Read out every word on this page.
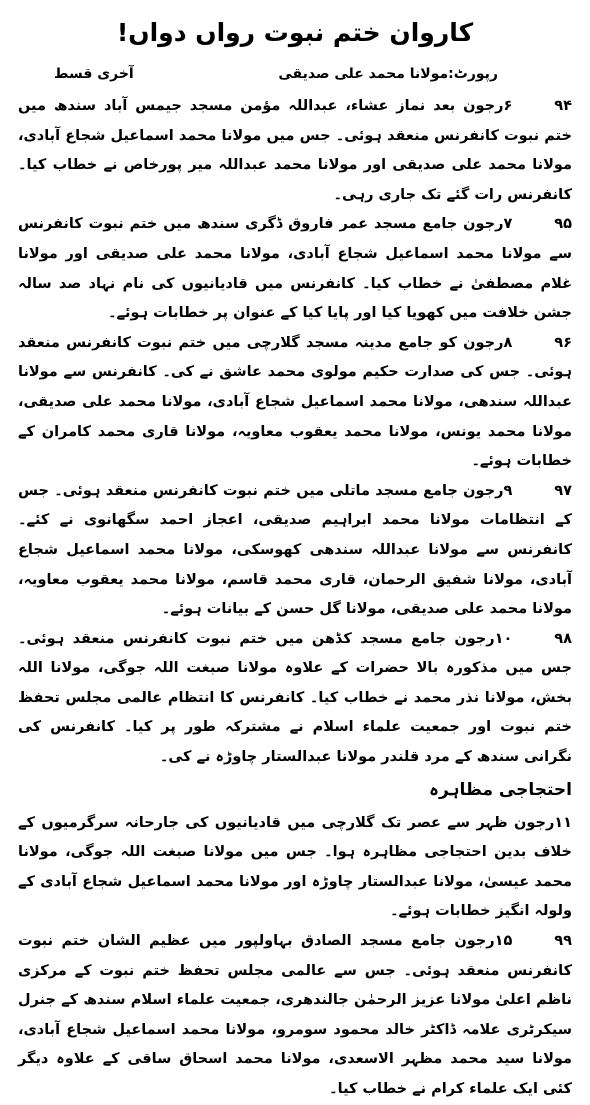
کاروان ختم نبوت رواں دواں!
رپورٹ:مولانا محمد علی صدیقی
آخری قسط

۹۴۶رجون بعد نماز عشاء، عبداللہ مؤمن مسجد جیمس آباد سندھ میں ختم نبوت کانفرنس منعقد ہوئی۔ جس میں مولانا محمد اسماعیل شجاع آبادی، مولانا محمد علی صدیقی اور مولانا محمد عبداللہ میر پورخاص نے خطاب کیا۔ کانفرنس رات گئے تک جاری رہی۔

۹۵۷رجون جامع مسجد عمر فاروق ڈگری سندھ میں ختم نبوت کانفرنس سے مولانا محمد اسماعیل شجاع آبادی، مولانا محمد علی صدیقی اور مولانا غلام مصطفیٰ نے خطاب کیا۔ کانفرنس میں قادیانیوں کی نام نہاد صد سالہ جشن خلافت میں کھویا کیا اور پایا کیا کے عنوان پر خطابات ہوئے۔

۹۶۸رجون کو جامع مدینہ مسجد گلارچی میں ختم نبوت کانفرنس منعقد ہوئی۔ جس کی صدارت حکیم مولوی محمد عاشق نے کی۔ کانفرنس سے مولانا عبداللہ سندھی، مولانا محمد اسماعیل شجاع آبادی، مولانا محمد علی صدیقی، مولانا محمد یونس، مولانا محمد یعقوب معاویہ، مولانا قاری محمد کامران کے خطابات ہوئے۔

۹۷۹رجون جامع مسجد ماتلی میں ختم نبوت کانفرنس منعقد ہوئی۔ جس کے انتظامات مولانا محمد ابراہیم صدیقی، اعجاز احمد سگھانوی نے کئے۔ کانفرنس سے مولانا عبداللہ سندھی کھوسکی، مولانا محمد اسماعیل شجاع آبادی، مولانا شفیق الرحمان، قاری محمد قاسم، مولانا محمد یعقوب معاویہ، مولانا محمد علی صدیقی، مولانا گل حسن کے بیانات ہوئے۔

۹۸۱۰رجون جامع مسجد کڈھن میں ختم نبوت کانفرنس منعقد ہوئی۔ جس میں مذکورہ بالا حضرات کے علاوہ مولانا صبغت اللہ جوگی، مولانا اللہ بخش، مولانا نذر محمد نے خطاب کیا۔ کانفرنس کا انتظام عالمی مجلس تحفظ ختم نبوت اور جمعیت علماء اسلام نے مشترکہ طور پر کیا۔ کانفرنس کی نگرانی سندھ کے مرد قلندر مولانا عبدالستار چاوڑہ نے کی۔

احتجاجی مظاہرہ

۱۱رجون ظہر سے عصر تک گلارچی میں قادیانیوں کی جارحانہ سرگرمیوں کے خلاف بدین احتجاجی مظاہرہ ہوا۔ جس میں مولانا صبغت اللہ جوگی، مولانا محمد عیسیٰ، مولانا عبدالستار چاوڑہ اور مولانا محمد اسماعیل شجاع آبادی کے ولولہ انگیز خطابات ہوئے۔

۹۹۱۵رجون جامع مسجد الصادق بہاولپور میں عظیم الشان ختم نبوت کانفرنس منعقد ہوئی۔ جس سے عالمی مجلس تحفظ ختم نبوت کے مرکزی ناظم اعلیٰ مولانا عزیز الرحمٰن جالندھری، جمعیت علماء اسلام سندھ کے جنرل سیکرٹری علامہ ڈاکٹر خالد محمود سومرو، مولانا محمد اسماعیل شجاع آبادی، مولانا سید محمد مظہر الاسعدی، مولانا محمد اسحاق ساقی کے علاوہ دیگر کئی ایک علماء کرام نے خطاب کیا۔
